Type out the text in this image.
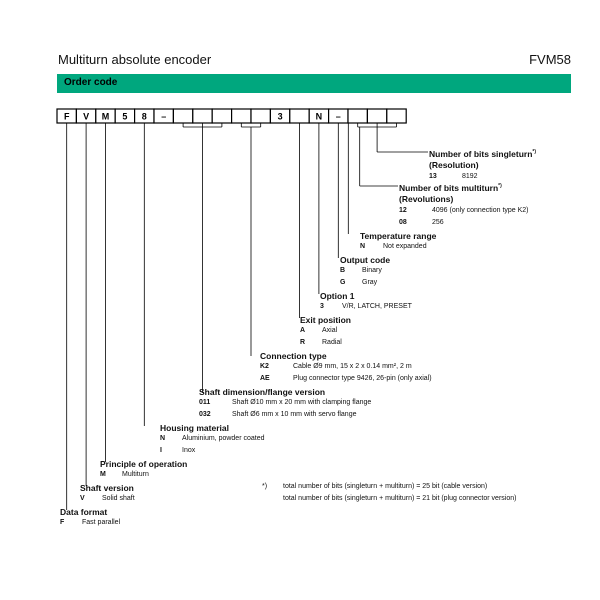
Multiturn absolute encoder	FVM58
Order code
F V M 5 8 –	3	N –
Number of bits singleturn*)
(Resolution)
13	8192
Number of bits multiturn*)
(Revolutions)
12	4096 (only connection type K2)
08	256
Temperature range
N	Not expanded
Output code
B Binary
G Gray
Option 1
3	V/R, LATCH, PRESET
Exit position
A Axial
R Radial
Connection type
K2	Cable Ø9 mm, 15 x 2 x 0.14 mm², 2 m
AE	Plug connector type 9426, 26-pin (only axial)
Shaft dimension/flange version
011	Shaft Ø10 mm x 20 mm with clamping flange
032	Shaft Ø6 mm x 10 mm with servo flange
Housing material
N Aluminium, powder coated
I	Inox
Principle of operation
M Multiturn
Shaft version
V Solid shaft
Data format
F	Fast parallel
*) total number of bits (singleturn + multiturn) = 25 bit (cable version)
total number of bits (singleturn + multiturn) = 21 bit (plug connector version)
